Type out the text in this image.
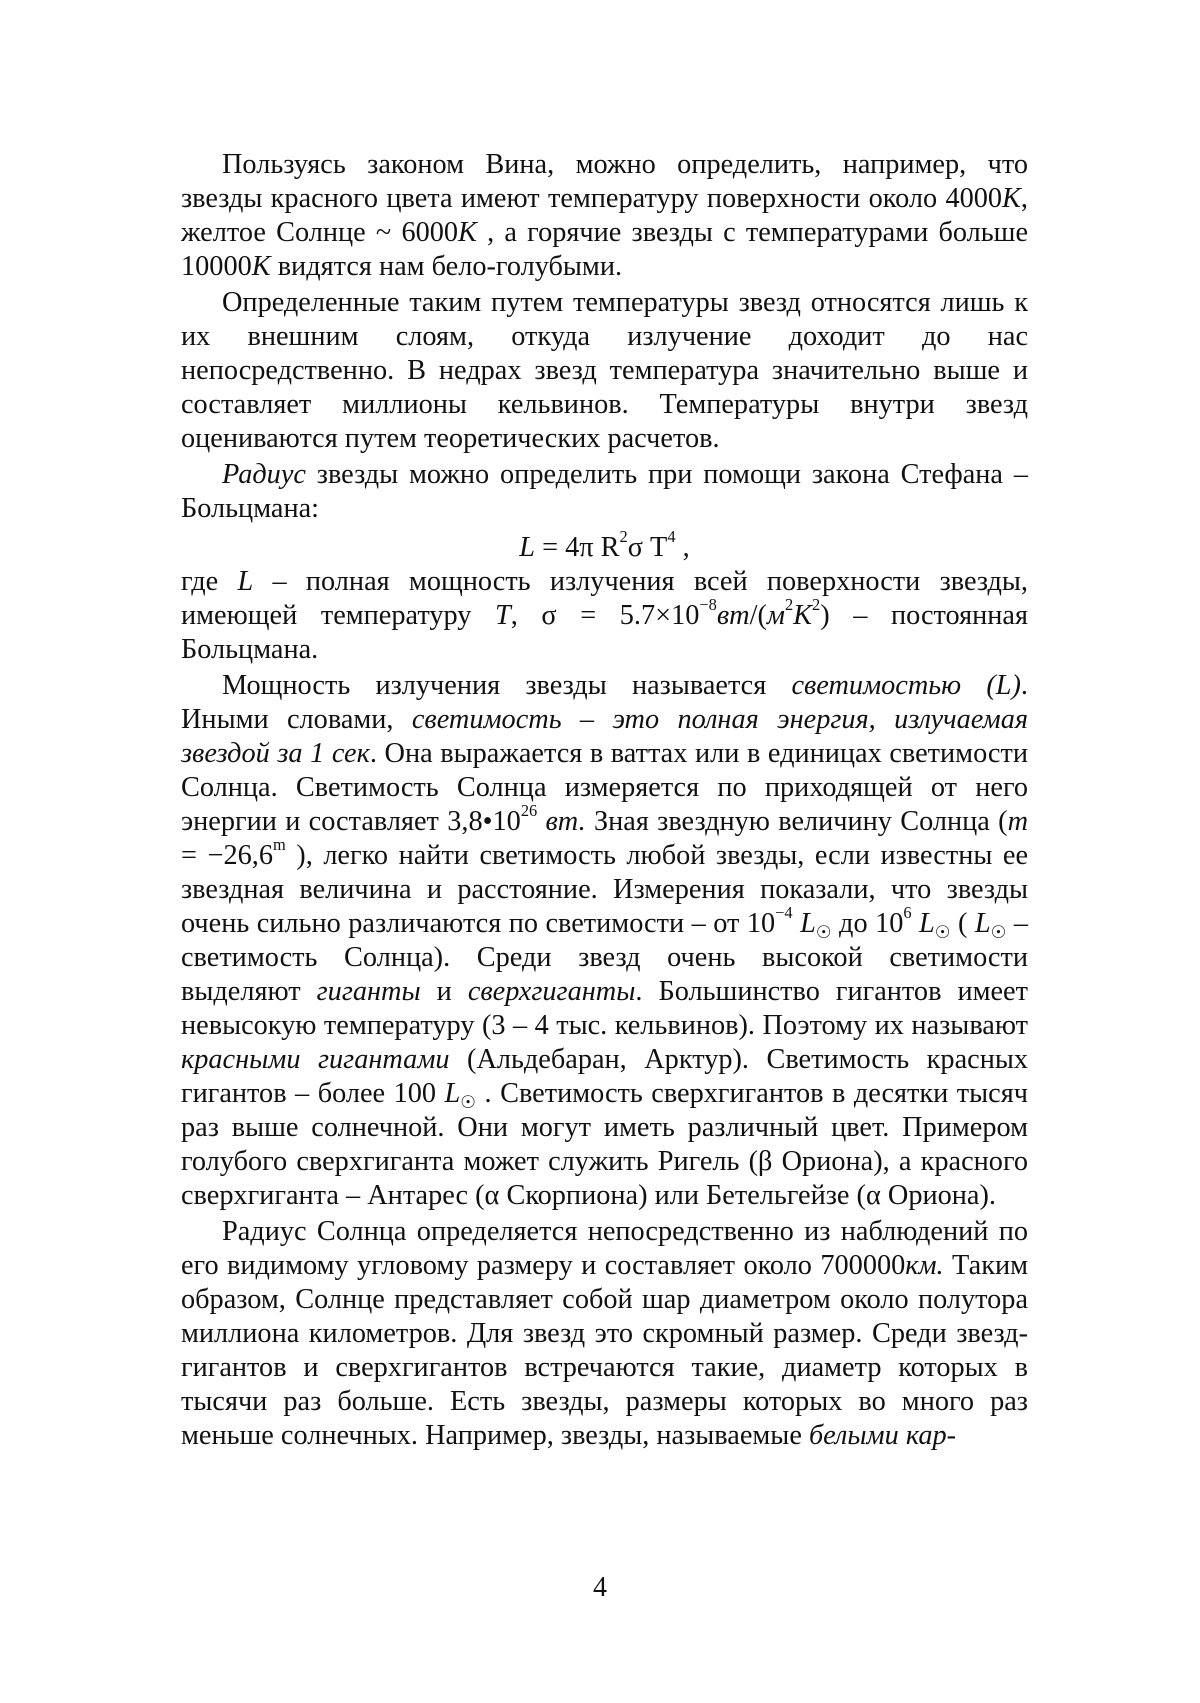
Пользуясь законом Вина, можно определить, например, что звезды красного цвета имеют температуру поверхности около 4000K, желтое Солнце ~ 6000K , а горячие звезды с температурами больше 10000K видятся нам бело-голубыми.

Определенные таким путем температуры звезд относятся лишь к их внешним слоям, откуда излучение доходит до нас непосредственно. В недрах звезд температура значительно выше и составляет миллионы кельвинов. Температуры внутри звезд оцениваются путем теоретических расчетов.

Радиус звезды можно определить при помощи закона Стефана – Больцмана:

L = 4π $R^2\sigma$ $T^4$ ,

где L – полная мощность излучения всей поверхности звезды, имеющей температуру T, $\sigma = 5.7\times 10^{-8}вт/(м^2K^2)$ – постоянная Больцмана.

Мощность излучения звезды называется светимостью (L). Иными словами, светимость – это полная энергия, излучаемая звездой за 1 сек. Она выражается в ваттах или в единицах светимости Солнца. Светимость Солнца измеряется по приходящей от него энергии и составляет $3,8•10^{26}$ вт. Зная звездную величину Солнца ($m = -26,6^m$ ), легко найти светимость любой звезды, если известны ее звездная величина и расстояние. Измерения показали, что звезды очень сильно различаются по светимости – от $10^{-4}$ $L_☉$ до $10^6$ $L_☉$ ( $L_☉$ – светимость Солнца). Среди звезд очень высокой светимости выделяют гиганты и сверхгиганты. Большинство гигантов имеет невысокую температуру (3 – 4 тыс. кельвинов). Поэтому их называют красными гигантами (Альдебаран, Арктур). Светимость красных гигантов – более 100 $L_☉$ . Светимость сверхгигантов в десятки тысяч раз выше солнечной. Они могут иметь различный цвет. Примером голубого сверхгиганта может служить Ригель (β Ориона), а красного сверхгиганта – Антарес (α Скорпиона) или Бетельгейзе (α Ориона).

Радиус Солнца определяется непосредственно из наблюдений по его видимому угловому размеру и составляет около 700000км. Таким образом, Солнце представляет собой шар диаметром около полутора миллиона километров. Для звезд это скромный размер. Среди звезд-гигантов и сверхгигантов встречаются такие, диаметр которых в тысячи раз больше. Есть звезды, размеры которых во много раз меньше солнечных. Например, звезды, называемые белыми кар-

4
